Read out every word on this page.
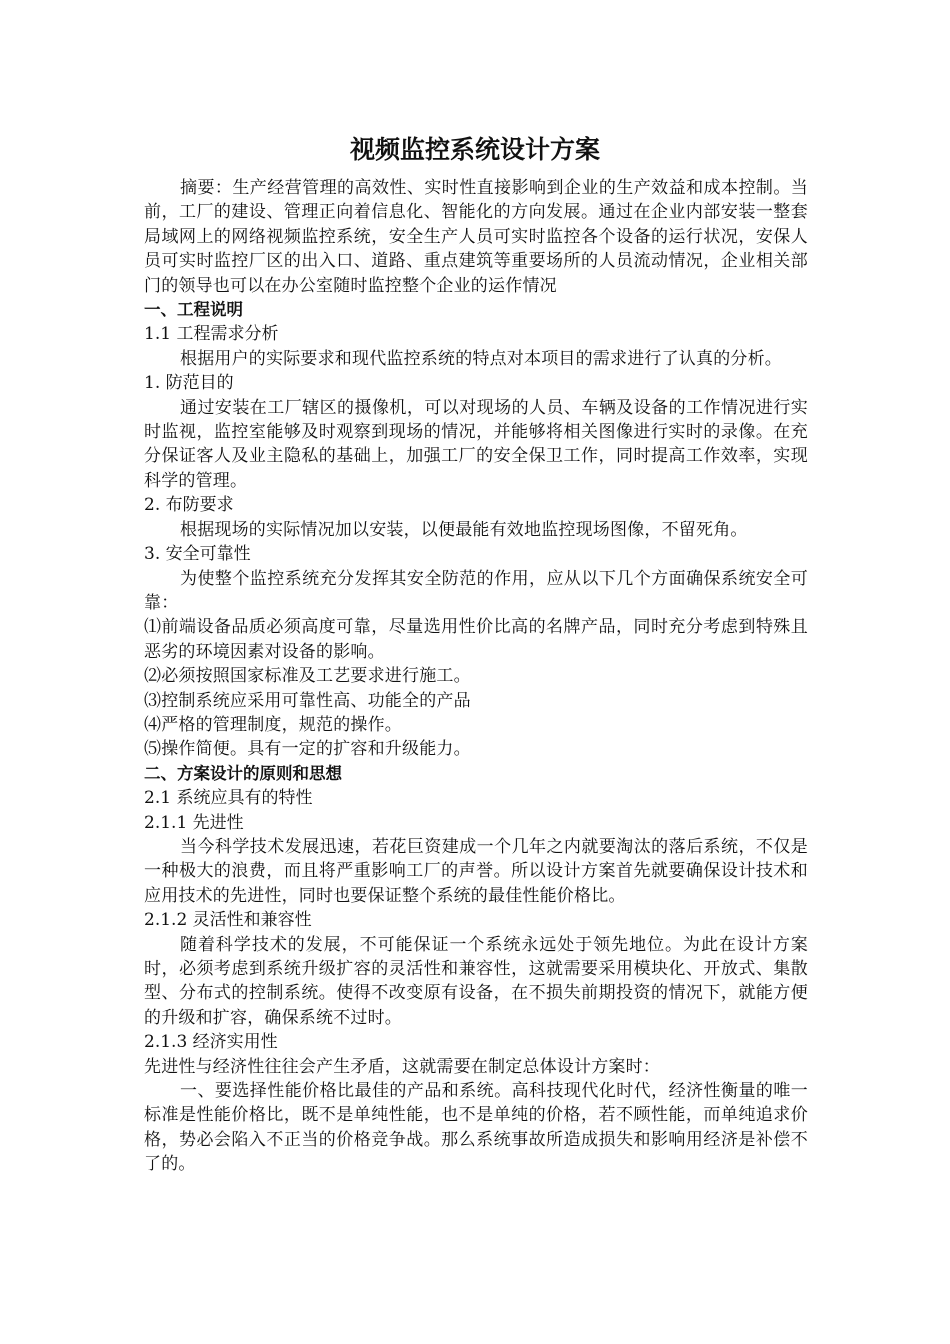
视频监控系统设计方案

摘要：生产经营管理的高效性、实时性直接影响到企业的生产效益和成本控制。当前，工厂的建设、管理正向着信息化、智能化的方向发展。通过在企业内部安装一整套局域网上的网络视频监控系统，安全生产人员可实时监控各个设备的运行状况，安保人员可实时监控厂区的出入口、道路、重点建筑等重要场所的人员流动情况，企业相关部门的领导也可以在办公室随时监控整个企业的运作情况

一、工程说明

1.1 工程需求分析

根据用户的实际要求和现代监控系统的特点对本项目的需求进行了认真的分析。

1. 防范目的

通过安装在工厂辖区的摄像机，可以对现场的人员、车辆及设备的工作情况进行实时监视，监控室能够及时观察到现场的情况，并能够将相关图像进行实时的录像。在充分保证客人及业主隐私的基础上，加强工厂的安全保卫工作，同时提高工作效率，实现科学的管理。

2. 布防要求

根据现场的实际情况加以安装，以便最能有效地监控现场图像，不留死角。

3. 安全可靠性

为使整个监控系统充分发挥其安全防范的作用，应从以下几个方面确保系统安全可靠：

⑴前端设备品质必须高度可靠，尽量选用性价比高的名牌产品，同时充分考虑到特殊且恶劣的环境因素对设备的影响。

⑵必须按照国家标准及工艺要求进行施工。

⑶控制系统应采用可靠性高、功能全的产品

⑷严格的管理制度，规范的操作。

⑸操作简便。具有一定的扩容和升级能力。

二、方案设计的原则和思想

2.1 系统应具有的特性

2.1.1 先进性

当今科学技术发展迅速，若花巨资建成一个几年之内就要淘汰的落后系统，不仅是一种极大的浪费，而且将严重影响工厂的声誉。所以设计方案首先就要确保设计技术和应用技术的先进性，同时也要保证整个系统的最佳性能价格比。

2.1.2 灵活性和兼容性

随着科学技术的发展，不可能保证一个系统永远处于领先地位。为此在设计方案时，必须考虑到系统升级扩容的灵活性和兼容性，这就需要采用模块化、开放式、集散型、分布式的控制系统。使得不改变原有设备，在不损失前期投资的情况下，就能方便的升级和扩容，确保系统不过时。

2.1.3 经济实用性

先进性与经济性往往会产生矛盾，这就需要在制定总体设计方案时：

一、要选择性能价格比最佳的产品和系统。高科技现代化时代，经济性衡量的唯一标准是性能价格比，既不是单纯性能，也不是单纯的价格，若不顾性能，而单纯追求价格，势必会陷入不正当的价格竞争战。那么系统事故所造成损失和影响用经济是补偿不了的。
